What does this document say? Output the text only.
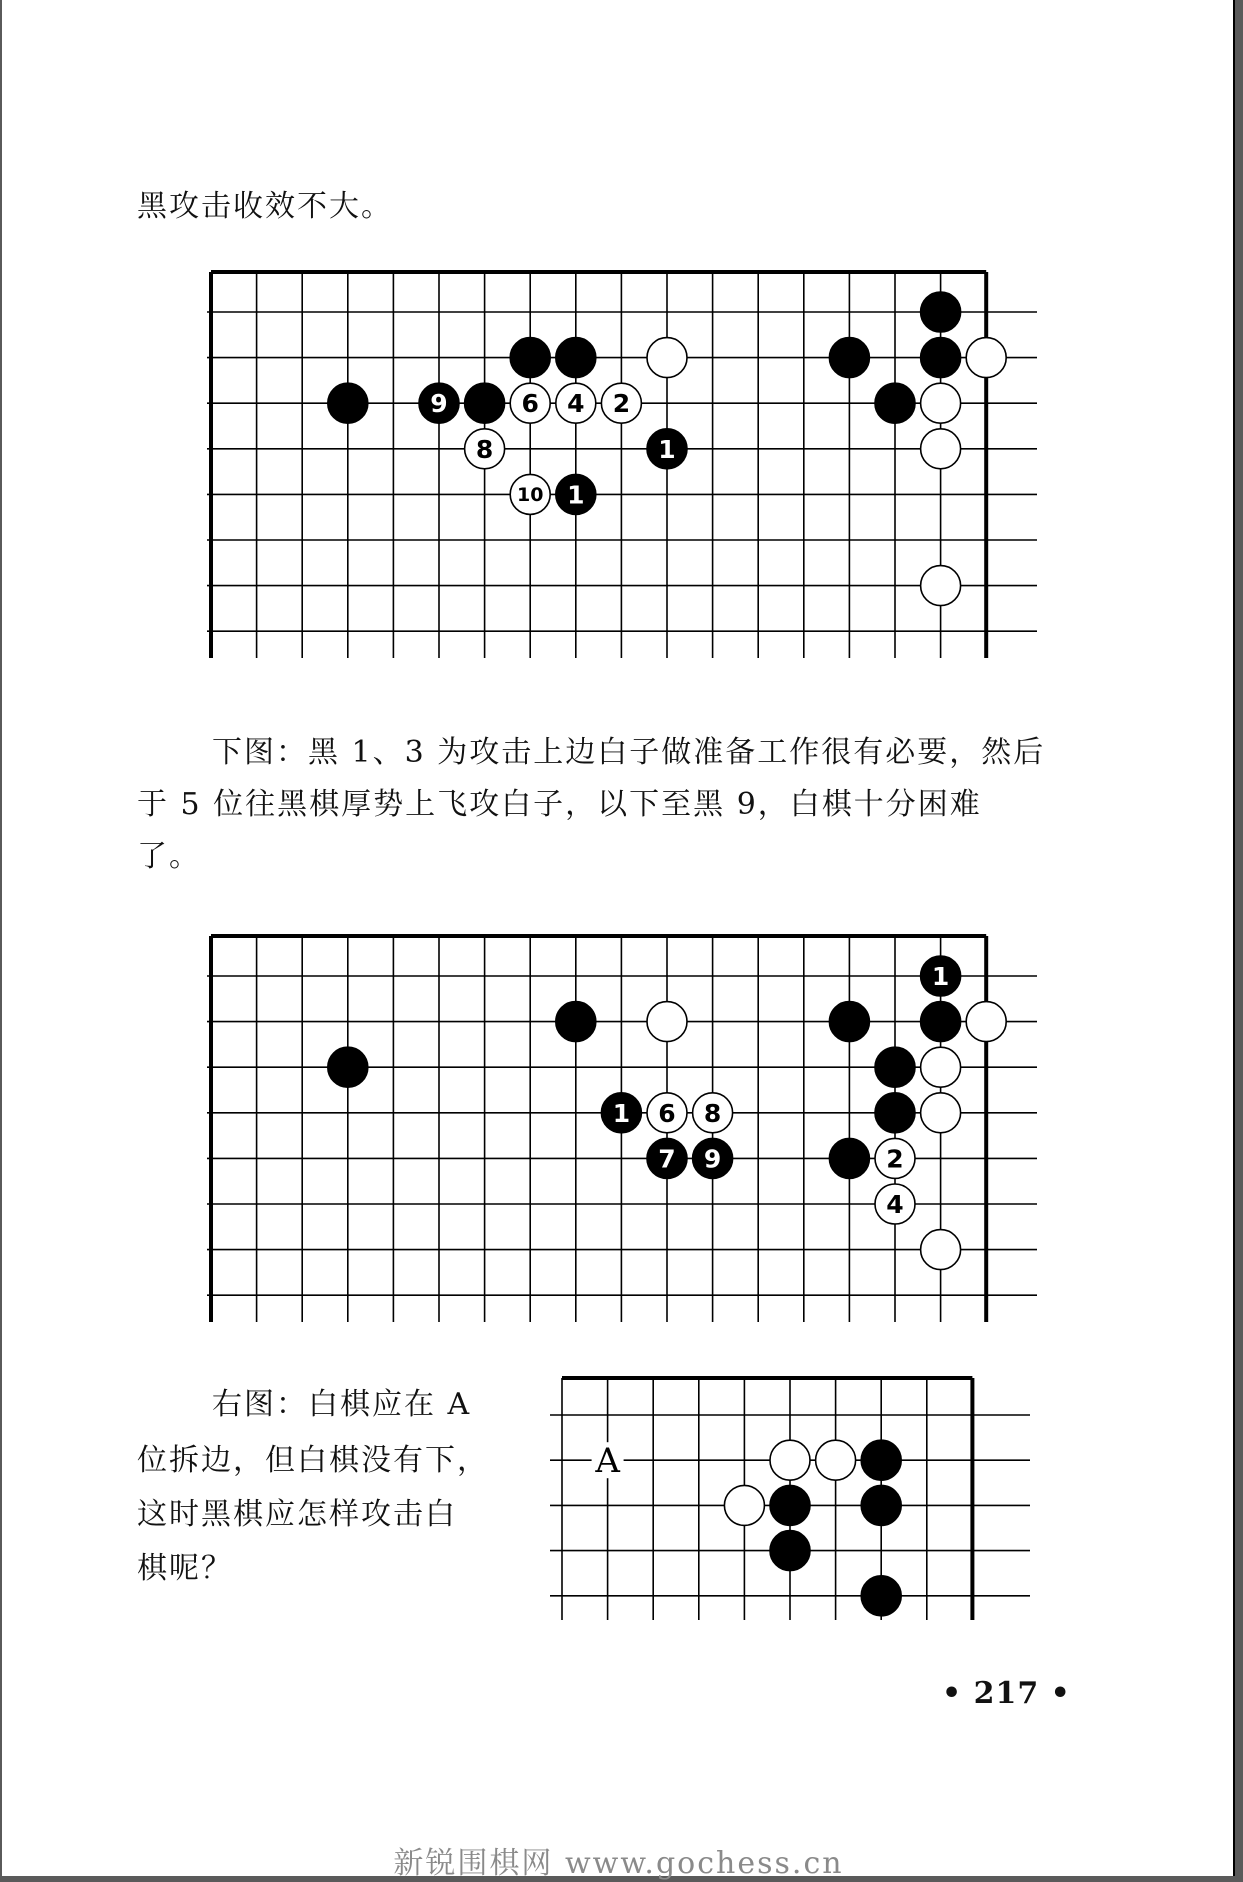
黑攻击收效不大。
9	6 4 2
8	1
10 1
下图：黑 1、3 为攻击上边白子做准备工作很有必要，然后
于 5 位往黑棋厚势上飞攻白子，以下至黑 9，白棋十分困难
了。
1
1 6 8
7 9	2
4
右图：白棋应在 A
位拆边，但白棋没有下，
这时黑棋应怎样攻击白
棋呢？
A
• 217 •
新锐围棋网 www.gochess.cn
